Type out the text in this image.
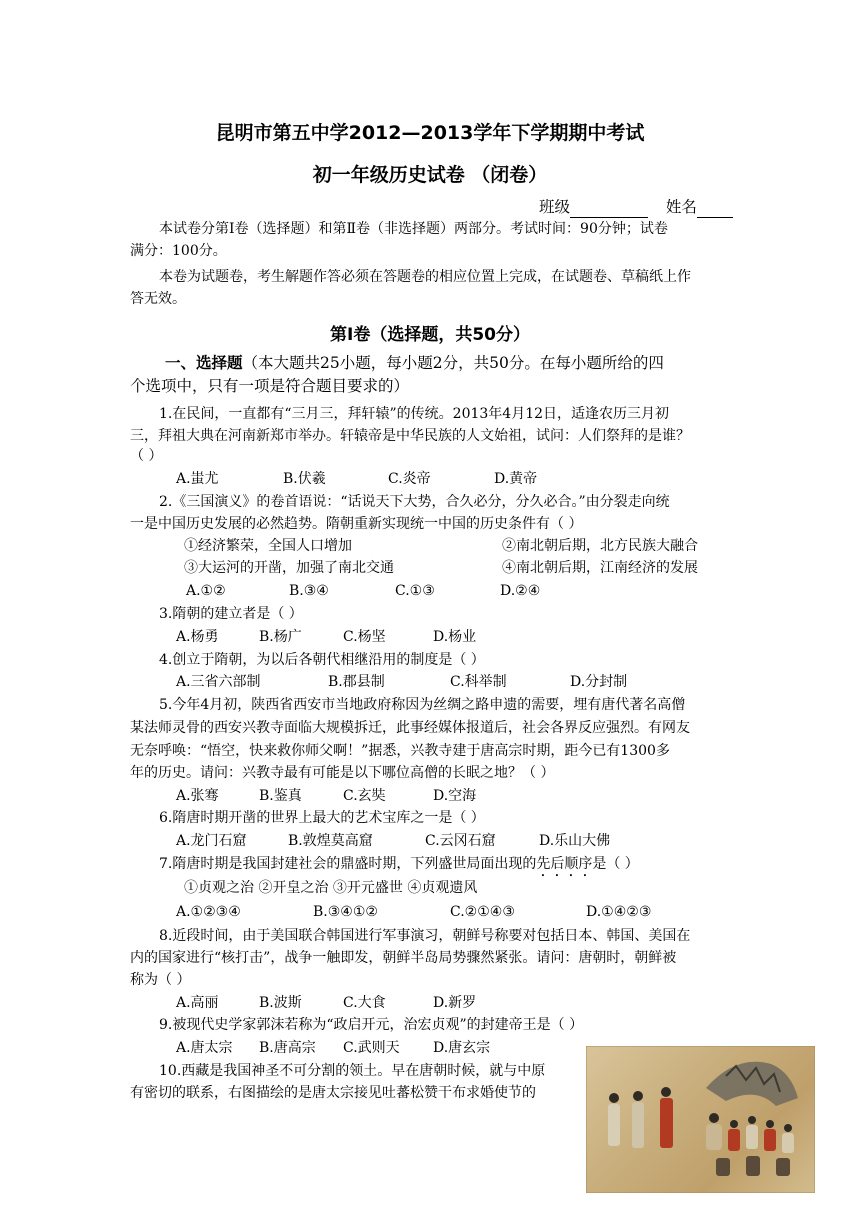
昆明市第五中学2012—2013学年下学期期中考试
初一年级历史试卷 （闭卷）
班级	姓名
本试卷分第Ⅰ卷（选择题）和第Ⅱ卷（非选择题）两部分。考试时间：90分钟；试卷
满分：100分。
本卷为试题卷，考生解题作答必须在答题卷的相应位置上完成，在试题卷、草稿纸上作
答无效。
第Ⅰ卷（选择题，共50分）
一、选择题（本大题共25小题，每小题2分，共50分。在每小题所给的四
个选项中，只有一项是符合题目要求的）
1.在民间，一直都有“三月三，拜轩辕”的传统。2013年4月12日，适逢农历三月初
三，拜祖大典在河南新郑市举办。轩辕帝是中华民族的人文始祖，试问：人们祭拜的是谁？
（ ）
A.蚩尤	B.伏羲	C.炎帝	D.黄帝
2.《三国演义》的卷首语说：“话说天下大势，合久必分，分久必合。”由分裂走向统
一是中国历史发展的必然趋势。隋朝重新实现统一中国的历史条件有（ ）
①经济繁荣，全国人口增加	②南北朝后期，北方民族大融合
③大运河的开凿，加强了南北交通	④南北朝后期，江南经济的发展
A.①②	B.③④	C.①③	D.②④
3.隋朝的建立者是（ ）
A.杨勇	B.杨广	C.杨坚	D.杨业
4.创立于隋朝，为以后各朝代相继沿用的制度是（ ）
A.三省六部制	B.郡县制	C.科举制	D.分封制
5.今年4月初，陕西省西安市当地政府称因为丝绸之路申遗的需要，埋有唐代著名高僧
某法师灵骨的西安兴教寺面临大规模拆迁，此事经媒体报道后，社会各界反应强烈。有网友
无奈呼唤：“悟空，快来救你师父啊！”据悉，兴教寺建于唐高宗时期，距今已有1300多
年的历史。请问：兴教寺最有可能是以下哪位高僧的长眠之地？（ ）
A.张骞	B.鉴真	C.玄奘	D.空海
6.隋唐时期开凿的世界上最大的艺术宝库之一是（ ）
A.龙门石窟	B.敦煌莫高窟	C.云冈石窟	D.乐山大佛
7.隋唐时期是我国封建社会的鼎盛时期，下列盛世局面出现的先后顺序是（ ）
①贞观之治 ②开皇之治 ③开元盛世 ④贞观遗风
A.①②③④	B.③④①②	C.②①④③	D.①④②③
8.近段时间，由于美国联合韩国进行军事演习，朝鲜号称要对包括日本、韩国、美国在
内的国家进行“核打击”，战争一触即发，朝鲜半岛局势骤然紧张。请问：唐朝时，朝鲜被
称为（ ）
A.高丽	B.波斯	C.大食	D.新罗
9.被现代史学家郭沫若称为“政启开元，治宏贞观”的封建帝王是（ ）
A.唐太宗 B.唐高宗 C.武则天 D.唐玄宗
10.西藏是我国神圣不可分割的领土。早在唐朝时候，就与中原
有密切的联系，右图描绘的是唐太宗接见吐蕃松赞干布求婚使节的
